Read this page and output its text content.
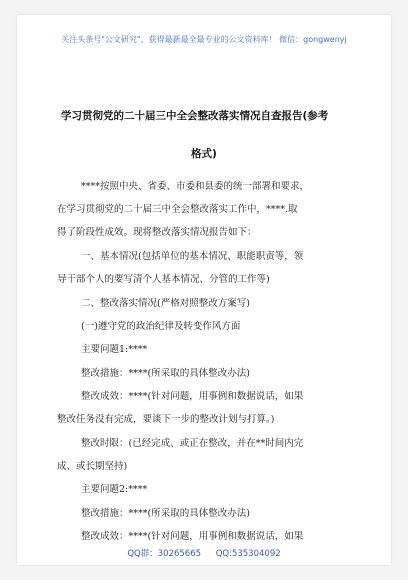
关注头条号"公文研究"，获得最新最全最专业的公文资料库！ 微信：gongwenyj
学习贯彻党的二十届三中全会整改落实情况自查报告(参考
格式)
****按照中央、省委、市委和县委的统一部署和要求，
在学习贯彻党的二十届三中全会整改落实工作中，****.取
得了阶段性成效。现将整改落实情况报告如下：
一、基本情况(包括单位的基本情况、职能职责等，领
导干部个人的要写清个人基本情况、分管的工作等)
二、整改落实情况(严格对照整改方案写)
(一)遵守党的政治纪律及转变作风方面
主要问题1:****
整改措施：****(所采取的具体整改办法)
整改成效：****(针对问题，用事例和数据说话，如果
整改任务没有完成，要谈下一步的整改计划与打算。)
整改时限：(已经完成、或正在整改，并在**时间内完
成、或长期坚持)
主要问题2:****
整改措施：****(所采取的具体整改办法)
整改成效：****(针对问题，用事例和数据说话，如果
QQ群：30265665 QQ:535304092
